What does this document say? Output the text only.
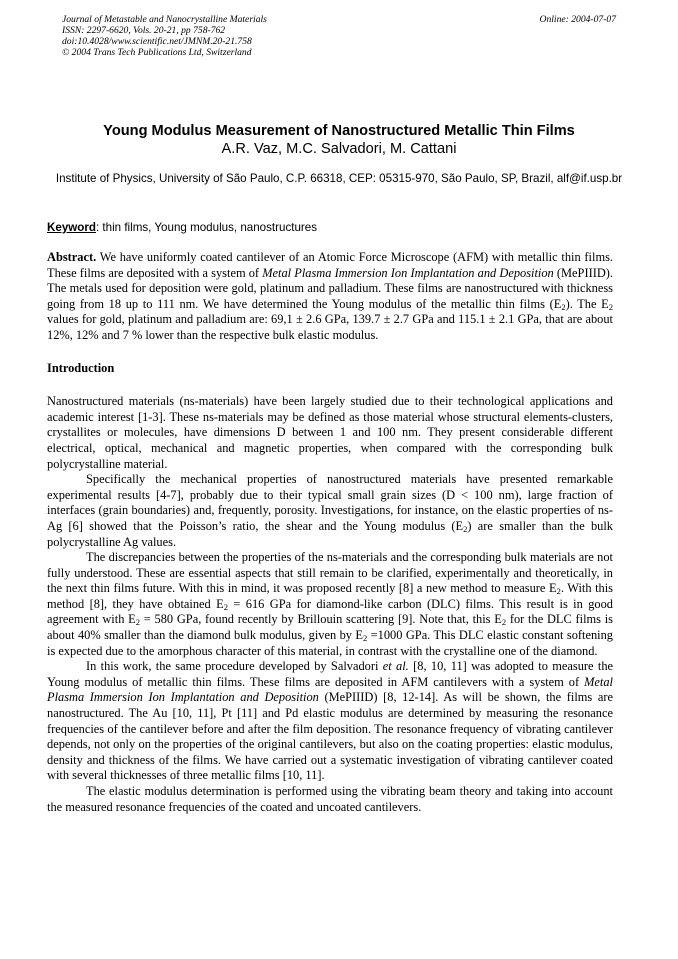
Journal of Metastable and Nanocrystalline Materials
ISSN: 2297-6620, Vols. 20-21, pp 758-762
doi:10.4028/www.scientific.net/JMNM.20-21.758
© 2004 Trans Tech Publications Ltd, Switzerland
Online: 2004-07-07
Young Modulus Measurement of Nanostructured Metallic Thin Films
A.R. Vaz, M.C. Salvadori, M. Cattani
Institute of Physics, University of São Paulo, C.P. 66318, CEP: 05315-970, São Paulo, SP, Brazil, alf@if.usp.br
Keyword: thin films, Young modulus, nanostructures

Abstract. We have uniformly coated cantilever of an Atomic Force Microscope (AFM) with metallic thin films. These films are deposited with a system of Metal Plasma Immersion Ion Implantation and Deposition (MePIIID). The metals used for deposition were gold, platinum and palladium. These films are nanostructured with thickness going from 18 up to 111 nm. We have determined the Young modulus of the metallic thin films $(E_2)$. The $E_2$ values for gold, platinum and palladium are: 69,1 ± 2.6 GPa, 139.7 ± 2.7 GPa and 115.1 ± 2.1 GPa, that are about 12%, 12% and 7 % lower than the respective bulk elastic modulus.

Introduction

Nanostructured materials (ns-materials) have been largely studied due to their technological applications and academic interest [1-3]. These ns-materials may be defined as those material whose structural elements-clusters, crystallites or molecules, have dimensions D between 1 and 100 nm. They present considerable different electrical, optical, mechanical and magnetic properties, when compared with the corresponding bulk polycrystalline material.

Specifically the mechanical properties of nanostructured materials have presented remarkable experimental results [4-7], probably due to their typical small grain sizes (D < 100 nm), large fraction of interfaces (grain boundaries) and, frequently, porosity. Investigations, for instance, on the elastic properties of ns-Ag [6] showed that the Poisson’s ratio, the shear and the Young modulus $(E_2)$ are smaller than the bulk polycrystalline Ag values.

The discrepancies between the properties of the ns-materials and the corresponding bulk materials are not fully understood. These are essential aspects that still remain to be clarified, experimentally and theoretically, in the next thin films future. With this in mind, it was proposed recently [8] a new method to measure $E_2$. With this method [8], they have obtained $E_2 = 616$ GPa for diamond-like carbon (DLC) films. This result is in good agreement with $E_2 = 580$ GPa, found recently by Brillouin scattering [9]. Note that, this $E_2$ for the DLC films is about 40% smaller than the diamond bulk modulus, given by $E_2 =1000$ GPa. This DLC elastic constant softening is expected due to the amorphous character of this material, in contrast with the crystalline one of the diamond.

In this work, the same procedure developed by Salvadori et al. [8, 10, 11] was adopted to measure the Young modulus of metallic thin films. These films are deposited in AFM cantilevers with a system of Metal Plasma Immersion Ion Implantation and Deposition (MePIIID) [8, 12-14]. As will be shown, the films are nanostructured. The Au [10, 11], Pt [11] and Pd elastic modulus are determined by measuring the resonance frequencies of the cantilever before and after the film deposition. The resonance frequency of vibrating cantilever depends, not only on the properties of the original cantilevers, but also on the coating properties: elastic modulus, density and thickness of the films. We have carried out a systematic investigation of vibrating cantilever coated with several thicknesses of three metallic films [10, 11].

The elastic modulus determination is performed using the vibrating beam theory and taking into account the measured resonance frequencies of the coated and uncoated cantilevers.
